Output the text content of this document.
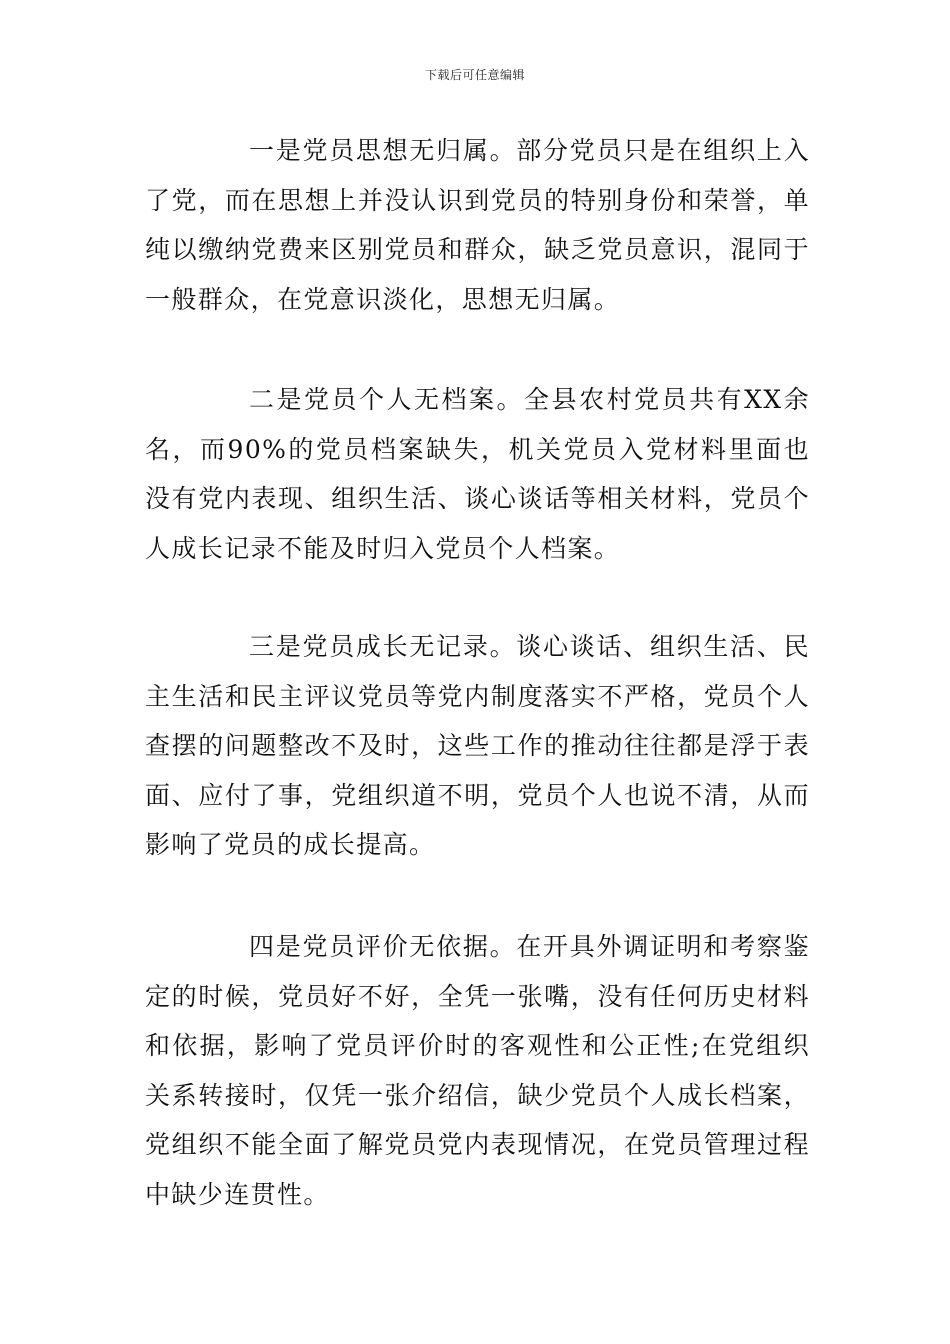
下载后可任意编辑

一是党员思想无归属。部分党员只是在组织上入了党，而在思想上并没认识到党员的特别身份和荣誉，单纯以缴纳党费来区别党员和群众，缺乏党员意识，混同于一般群众，在党意识淡化，思想无归属。

二是党员个人无档案。全县农村党员共有XX余名，而90%的党员档案缺失，机关党员入党材料里面也没有党内表现、组织生活、谈心谈话等相关材料，党员个人成长记录不能及时归入党员个人档案。

三是党员成长无记录。谈心谈话、组织生活、民主生活和民主评议党员等党内制度落实不严格，党员个人查摆的问题整改不及时，这些工作的推动往往都是浮于表面、应付了事，党组织道不明，党员个人也说不清，从而影响了党员的成长提高。

四是党员评价无依据。在开具外调证明和考察鉴定的时候，党员好不好，全凭一张嘴，没有任何历史材料和依据，影响了党员评价时的客观性和公正性;在党组织关系转接时，仅凭一张介绍信，缺少党员个人成长档案，党组织不能全面了解党员党内表现情况，在党员管理过程中缺少连贯性。
